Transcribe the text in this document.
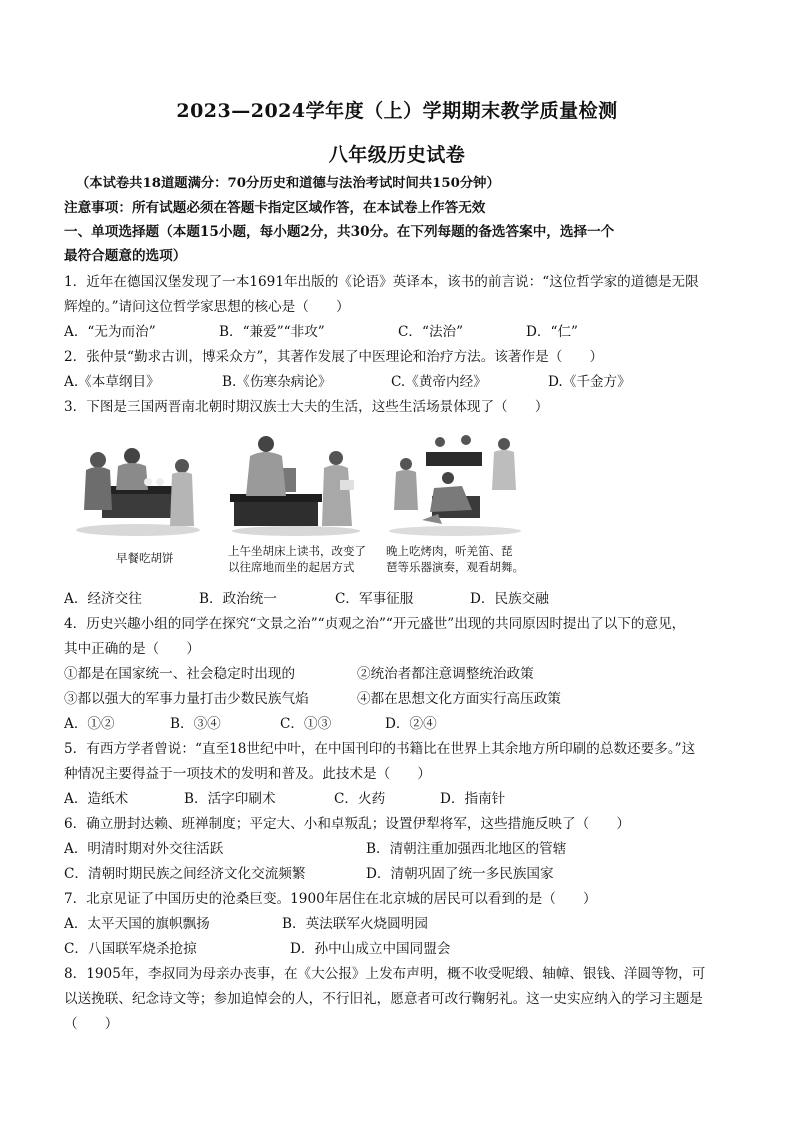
2023—2024学年度（上）学期期末教学质量检测
八年级历史试卷
（本试卷共18道题满分：70分历史和道德与法治考试时间共150分钟）
注意事项：所有试题必须在答题卡指定区域作答，在本试卷上作答无效
一、单项选择题（本题15小题，每小题2分，共30分。在下列每题的备选答案中，选择一个
最符合题意的选项）
1．近年在德国汉堡发现了一本1691年出版的《论语》英译本，该书的前言说：“这位哲学家的道德是无限
辉煌的。”请问这位哲学家思想的核心是（　　）
A．“无为而治”	B．“兼爱”“非攻”	C．“法治”	D．“仁”
2．张仲景“勤求古训，博采众方”，其著作发展了中医理论和治疗方法。该著作是（　　）
A.《本草纲目》	B.《伤寒杂病论》	C.《黄帝内经》	D.《千金方》
3．下图是三国两晋南北朝时期汉族士大夫的生活，这些生活场景体现了（　　）
早餐吃胡饼	上午坐胡床上读书，改变了
以往席地而坐的起居方式
晚上吃烤肉，听羌笛、琵
琶等乐器演奏，观看胡舞。
A．经济交往	B．政治统一	C．军事征服	D．民族交融
4．历史兴趣小组的同学在探究“文景之治”“贞观之治”“开元盛世”出现的共同原因时提出了以下的意见，
其中正确的是（　　）
①都是在国家统一、社会稳定时出现的	②统治者都注意调整统治政策
③都以强大的军事力量打击少数民族气焰	④都在思想文化方面实行高压政策
A．①②	B．③④	C．①③	D．②④
5．有西方学者曾说：“直至18世纪中叶，在中国刊印的书籍比在世界上其余地方所印刷的总数还要多。”这
种情况主要得益于一项技术的发明和普及。此技术是（　　）
A．造纸术	B．活字印刷术	C．火药	D．指南针
6．确立册封达赖、班禅制度；平定大、小和卓叛乱；设置伊犁将军，这些措施反映了（　　）
A．明清时期对外交往活跃	B．清朝注重加强西北地区的管辖
C．清朝时期民族之间经济文化交流频繁	D．清朝巩固了统一多民族国家
7．北京见证了中国历史的沧桑巨变。1900年居住在北京城的居民可以看到的是（　　）
A．太平天国的旗帜飘扬	B．英法联军火烧圆明园
C．八国联军烧杀抢掠	D．孙中山成立中国同盟会
8．1905年，李叔同为母亲办丧事，在《大公报》上发布声明，概不收受呢缎、轴幛、银钱、洋圆等物，可
以送挽联、纪念诗文等；参加追悼会的人，不行旧礼，愿意者可改行鞠躬礼。这一史实应纳入的学习主题是
（　　）
